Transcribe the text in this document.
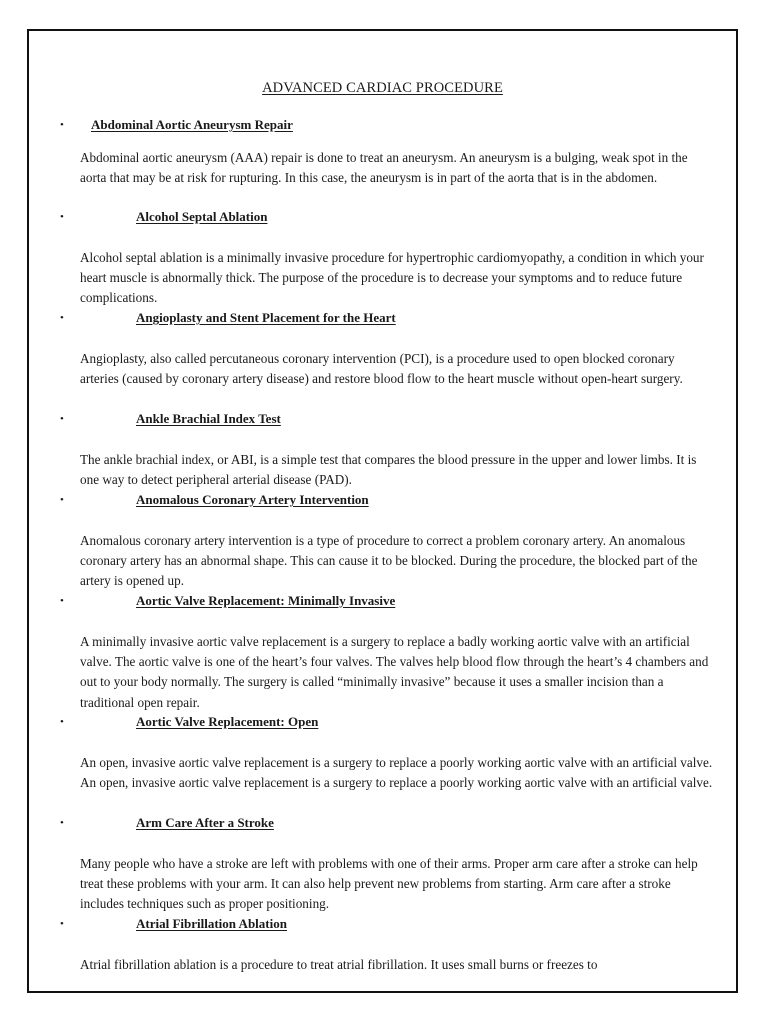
ADVANCED CARDIAC PROCEDURE
• Abdominal Aortic Aneurysm Repair

Abdominal aortic aneurysm (AAA) repair is done to treat an aneurysm. An aneurysm is a bulging, weak spot in the aorta that may be at risk for rupturing. In this case, the aneurysm is in part of the aorta that is in the abdomen.

•	Alcohol Septal Ablation

Alcohol septal ablation is a minimally invasive procedure for hypertrophic cardiomyopathy, a condition in which your heart muscle is abnormally thick. The purpose of the procedure is to decrease your symptoms and to reduce future complications.

•	Angioplasty and Stent Placement for the Heart

Angioplasty, also called percutaneous coronary intervention (PCI), is a procedure used to open blocked coronary arteries (caused by coronary artery disease) and restore blood flow to the heart muscle without open-heart surgery.

•	Ankle Brachial Index Test

The ankle brachial index, or ABI, is a simple test that compares the blood pressure in the upper and lower limbs. It is one way to detect peripheral arterial disease (PAD).

•	Anomalous Coronary Artery Intervention

Anomalous coronary artery intervention is a type of procedure to correct a problem coronary artery. An anomalous coronary artery has an abnormal shape. This can cause it to be blocked. During the procedure, the blocked part of the artery is opened up.

•	Aortic Valve Replacement: Minimally Invasive

A minimally invasive aortic valve replacement is a surgery to replace a badly working aortic valve with an artificial valve. The aortic valve is one of the heart’s four valves. The valves help blood flow through the heart’s 4 chambers and out to your body normally. The surgery is called “minimally invasive” because it uses a smaller incision than a traditional open repair.

•	Aortic Valve Replacement: Open

An open, invasive aortic valve replacement is a surgery to replace a poorly working aortic valve with an artificial valve. An open, invasive aortic valve replacement is a surgery to replace a poorly working aortic valve with an artificial valve.

•	Arm Care After a Stroke

Many people who have a stroke are left with problems with one of their arms. Proper arm care after a stroke can help treat these problems with your arm. It can also help prevent new problems from starting. Arm care after a stroke includes techniques such as proper positioning.

•	Atrial Fibrillation Ablation

Atrial fibrillation ablation is a procedure to treat atrial fibrillation. It uses small burns or freezes to
